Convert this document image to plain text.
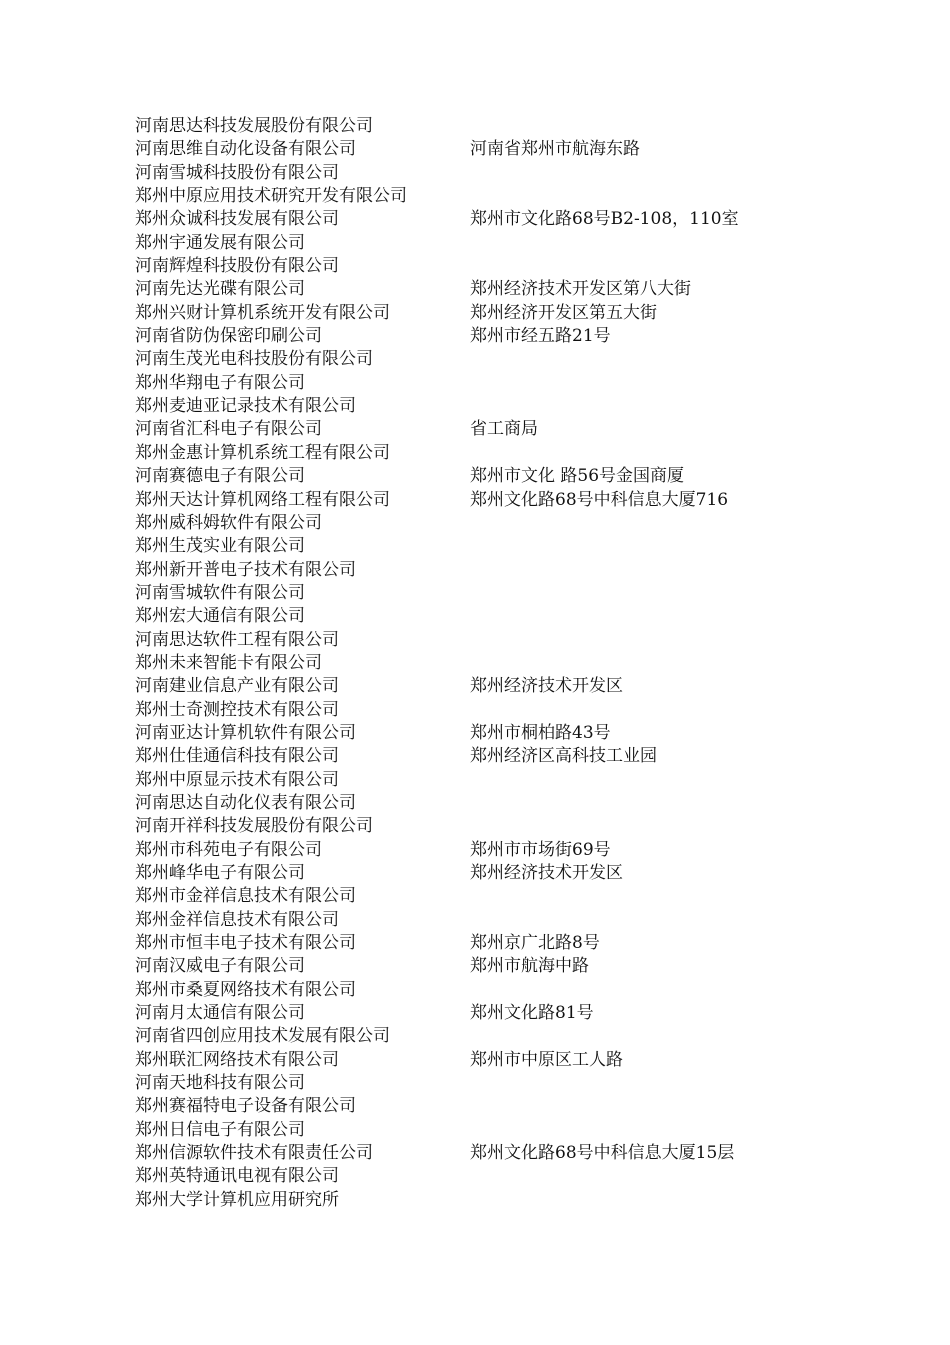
河南思达科技发展股份有限公司
河南思维自动化设备有限公司	河南省郑州市航海东路
河南雪城科技股份有限公司
郑州中原应用技术研究开发有限公司
郑州众诚科技发展有限公司	郑州市文化路68号B2-108，110室
郑州宇通发展有限公司
河南辉煌科技股份有限公司
河南先达光碟有限公司	郑州经济技术开发区第八大街
郑州兴财计算机系统开发有限公司	郑州经济开发区第五大街
河南省防伪保密印刷公司	郑州市经五路21号
河南生茂光电科技股份有限公司
郑州华翔电子有限公司
郑州麦迪亚记录技术有限公司
河南省汇科电子有限公司	省工商局
郑州金惠计算机系统工程有限公司
河南赛德电子有限公司	郑州市文化 路56号金国商厦
郑州天达计算机网络工程有限公司	郑州文化路68号中科信息大厦716
郑州威科姆软件有限公司
郑州生茂实业有限公司
郑州新开普电子技术有限公司
河南雪城软件有限公司
郑州宏大通信有限公司
河南思达软件工程有限公司
郑州未来智能卡有限公司
河南建业信息产业有限公司	郑州经济技术开发区
郑州士奇测控技术有限公司
河南亚达计算机软件有限公司	郑州市桐柏路43号
郑州仕佳通信科技有限公司	郑州经济区高科技工业园
郑州中原显示技术有限公司
河南思达自动化仪表有限公司
河南开祥科技发展股份有限公司
郑州市科苑电子有限公司	郑州市市场街69号
郑州峰华电子有限公司	郑州经济技术开发区
郑州市金祥信息技术有限公司
郑州金祥信息技术有限公司
郑州市恒丰电子技术有限公司	郑州京广北路8号
河南汉威电子有限公司	郑州市航海中路
郑州市桑夏网络技术有限公司
河南月太通信有限公司	郑州文化路81号
河南省四创应用技术发展有限公司
郑州联汇网络技术有限公司	郑州市中原区工人路
河南天地科技有限公司
郑州赛福特电子设备有限公司
郑州日信电子有限公司
郑州信源软件技术有限责任公司	郑州文化路68号中科信息大厦15层
郑州英特通讯电视有限公司
郑州大学计算机应用研究所
